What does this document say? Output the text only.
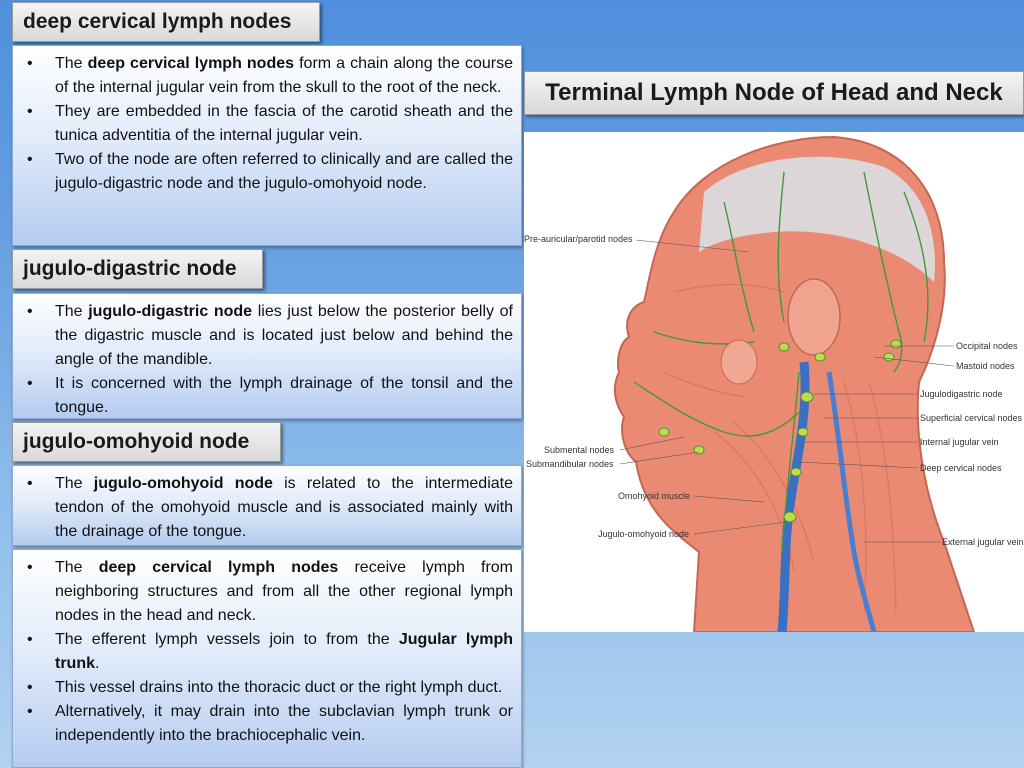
deep cervical lymph nodes
• The deep cervical lymph nodes form a chain along the course of the internal jugular vein from the skull to the root of the neck.
• They are embedded in the fascia of the carotid sheath and the tunica adventitia of the internal jugular vein.
• Two of the node are often referred to clinically and are called the jugulo-digastric node and the jugulo-omohyoid node.
jugulo-digastric node
• The jugulo-digastric node lies just below the posterior belly of the digastric muscle and is located just below and behind the angle of the mandible.
• It is concerned with the lymph drainage of the tonsil and the tongue.
jugulo-omohyoid node
• The jugulo-omohyoid node is related to the intermediate tendon of the omohyoid muscle and is associated mainly with the drainage of the tongue.
• The deep cervical lymph nodes receive lymph from neighboring structures and from all the other regional lymph nodes in the head and neck.
• The efferent lymph vessels join to from the Jugular lymph trunk.
• This vessel drains into the thoracic duct or the right lymph duct.
• Alternatively, it may drain into the subclavian lymph trunk or independently into the brachiocephalic vein.
Terminal Lymph Node of Head and Neck
Pre-auricular/parotid nodes
Occipital nodes
Mastoid nodes
Jugulodigastric node
Superficial cervical nodes
Internal jugular vein
Deep cervical nodes
Submental nodes
Submandibular nodes
Omohyoid muscle
Jugulo-omohyoid node
External jugular vein
